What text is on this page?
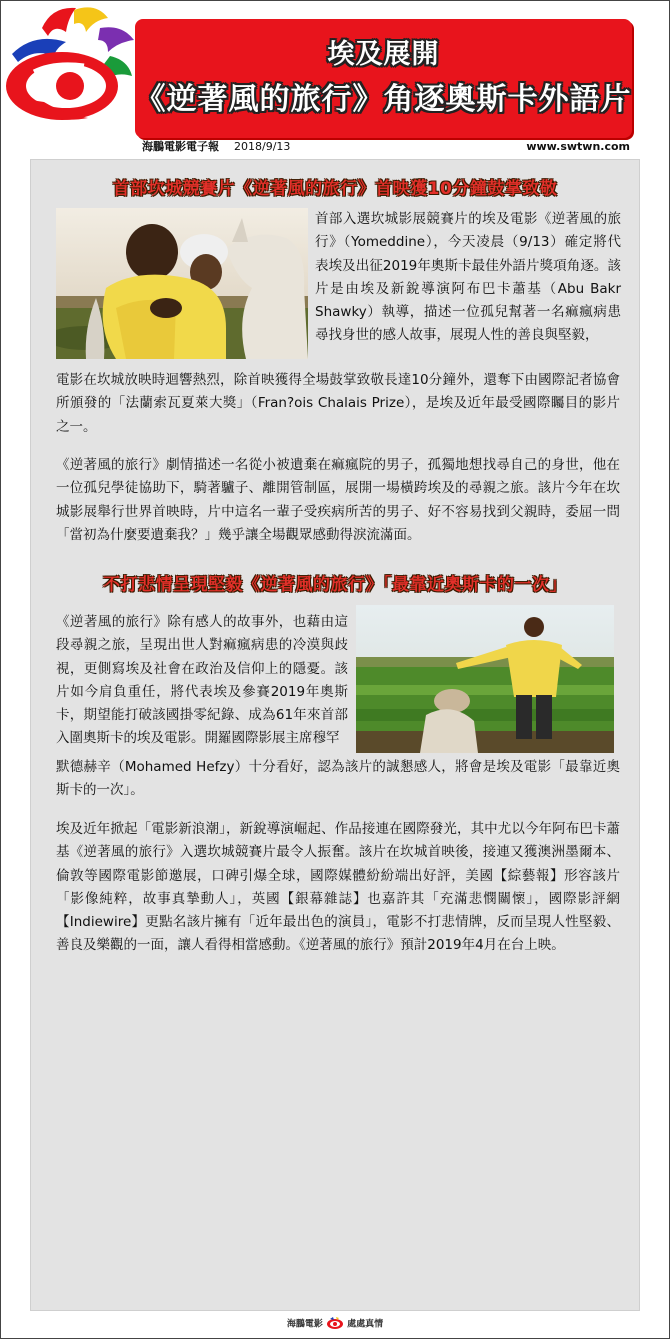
埃及展開
《逆著風的旅行》角逐奧斯卡外語片
海鵬電影電子報 2018/9/13	www.swtwn.com
首部坎城競賽片《逆著風的旅行》首映獲10分鐘鼓掌致敬
首部入選坎城影展競賽片的埃及電影《逆著風的旅行》（Yomeddine），今天凌晨（9/13）確定將代表埃及出征2019年奧斯卡最佳外語片獎項角逐。該片是由埃及新銳導演阿布巴卡蕭基（Abu Bakr Shawky）執導，描述一位孤兒幫著一名痲瘋病患尋找身世的感人故事，展現人性的善良與堅毅，
電影在坎城放映時迴響熱烈，除首映獲得全場鼓掌致敬長達10分鐘外，還奪下由國際記者協會所頒發的「法蘭索瓦夏萊大獎」（Fran?ois Chalais Prize），是埃及近年最受國際矚目的影片之一。
《逆著風的旅行》劇情描述一名從小被遺棄在痲瘋院的男子，孤獨地想找尋自己的身世，他在一位孤兒學徒協助下，騎著驢子、離開管制區，展開一場橫跨埃及的尋親之旅。該片今年在坎城影展舉行世界首映時，片中這名一輩子受疾病所苦的男子、好不容易找到父親時，委屈一問「當初為什麼要遺棄我？」幾乎讓全場觀眾感動得淚流滿面。
不打悲情呈現堅毅《逆著風的旅行》「最靠近奧斯卡的一次」
《逆著風的旅行》除有感人的故事外，也藉由這段尋親之旅，呈現出世人對痲瘋病患的冷漠與歧視，更側寫埃及社會在政治及信仰上的隱憂。該片如今肩負重任，將代表埃及參賽2019年奧斯卡，期望能打破該國掛零紀錄、成為61年來首部入圍奧斯卡的埃及電影。開羅國際影展主席穆罕
默德赫辛（Mohamed Hefzy）十分看好，認為該片的誠懇感人，將會是埃及電影「最靠近奧斯卡的一次」。
埃及近年掀起「電影新浪潮」，新銳導演崛起、作品接連在國際發光，其中尤以今年阿布巴卡蕭基《逆著風的旅行》入選坎城競賽片最令人振奮。該片在坎城首映後，接連又獲澳洲墨爾本、倫敦等國際電影節邀展，口碑引爆全球，國際媒體紛紛端出好評，美國【綜藝報】形容該片「影像純粹，故事真摯動人」，英國【銀幕雜誌】也嘉許其「充滿悲憫關懷」，國際影評網【Indiewire】更點名該片擁有「近年最出色的演員」，電影不打悲情牌，反而呈現人性堅毅、善良及樂觀的一面，讓人看得相當感動。《逆著風的旅行》預計2019年4月在台上映。
海鵬電影	處處真情
